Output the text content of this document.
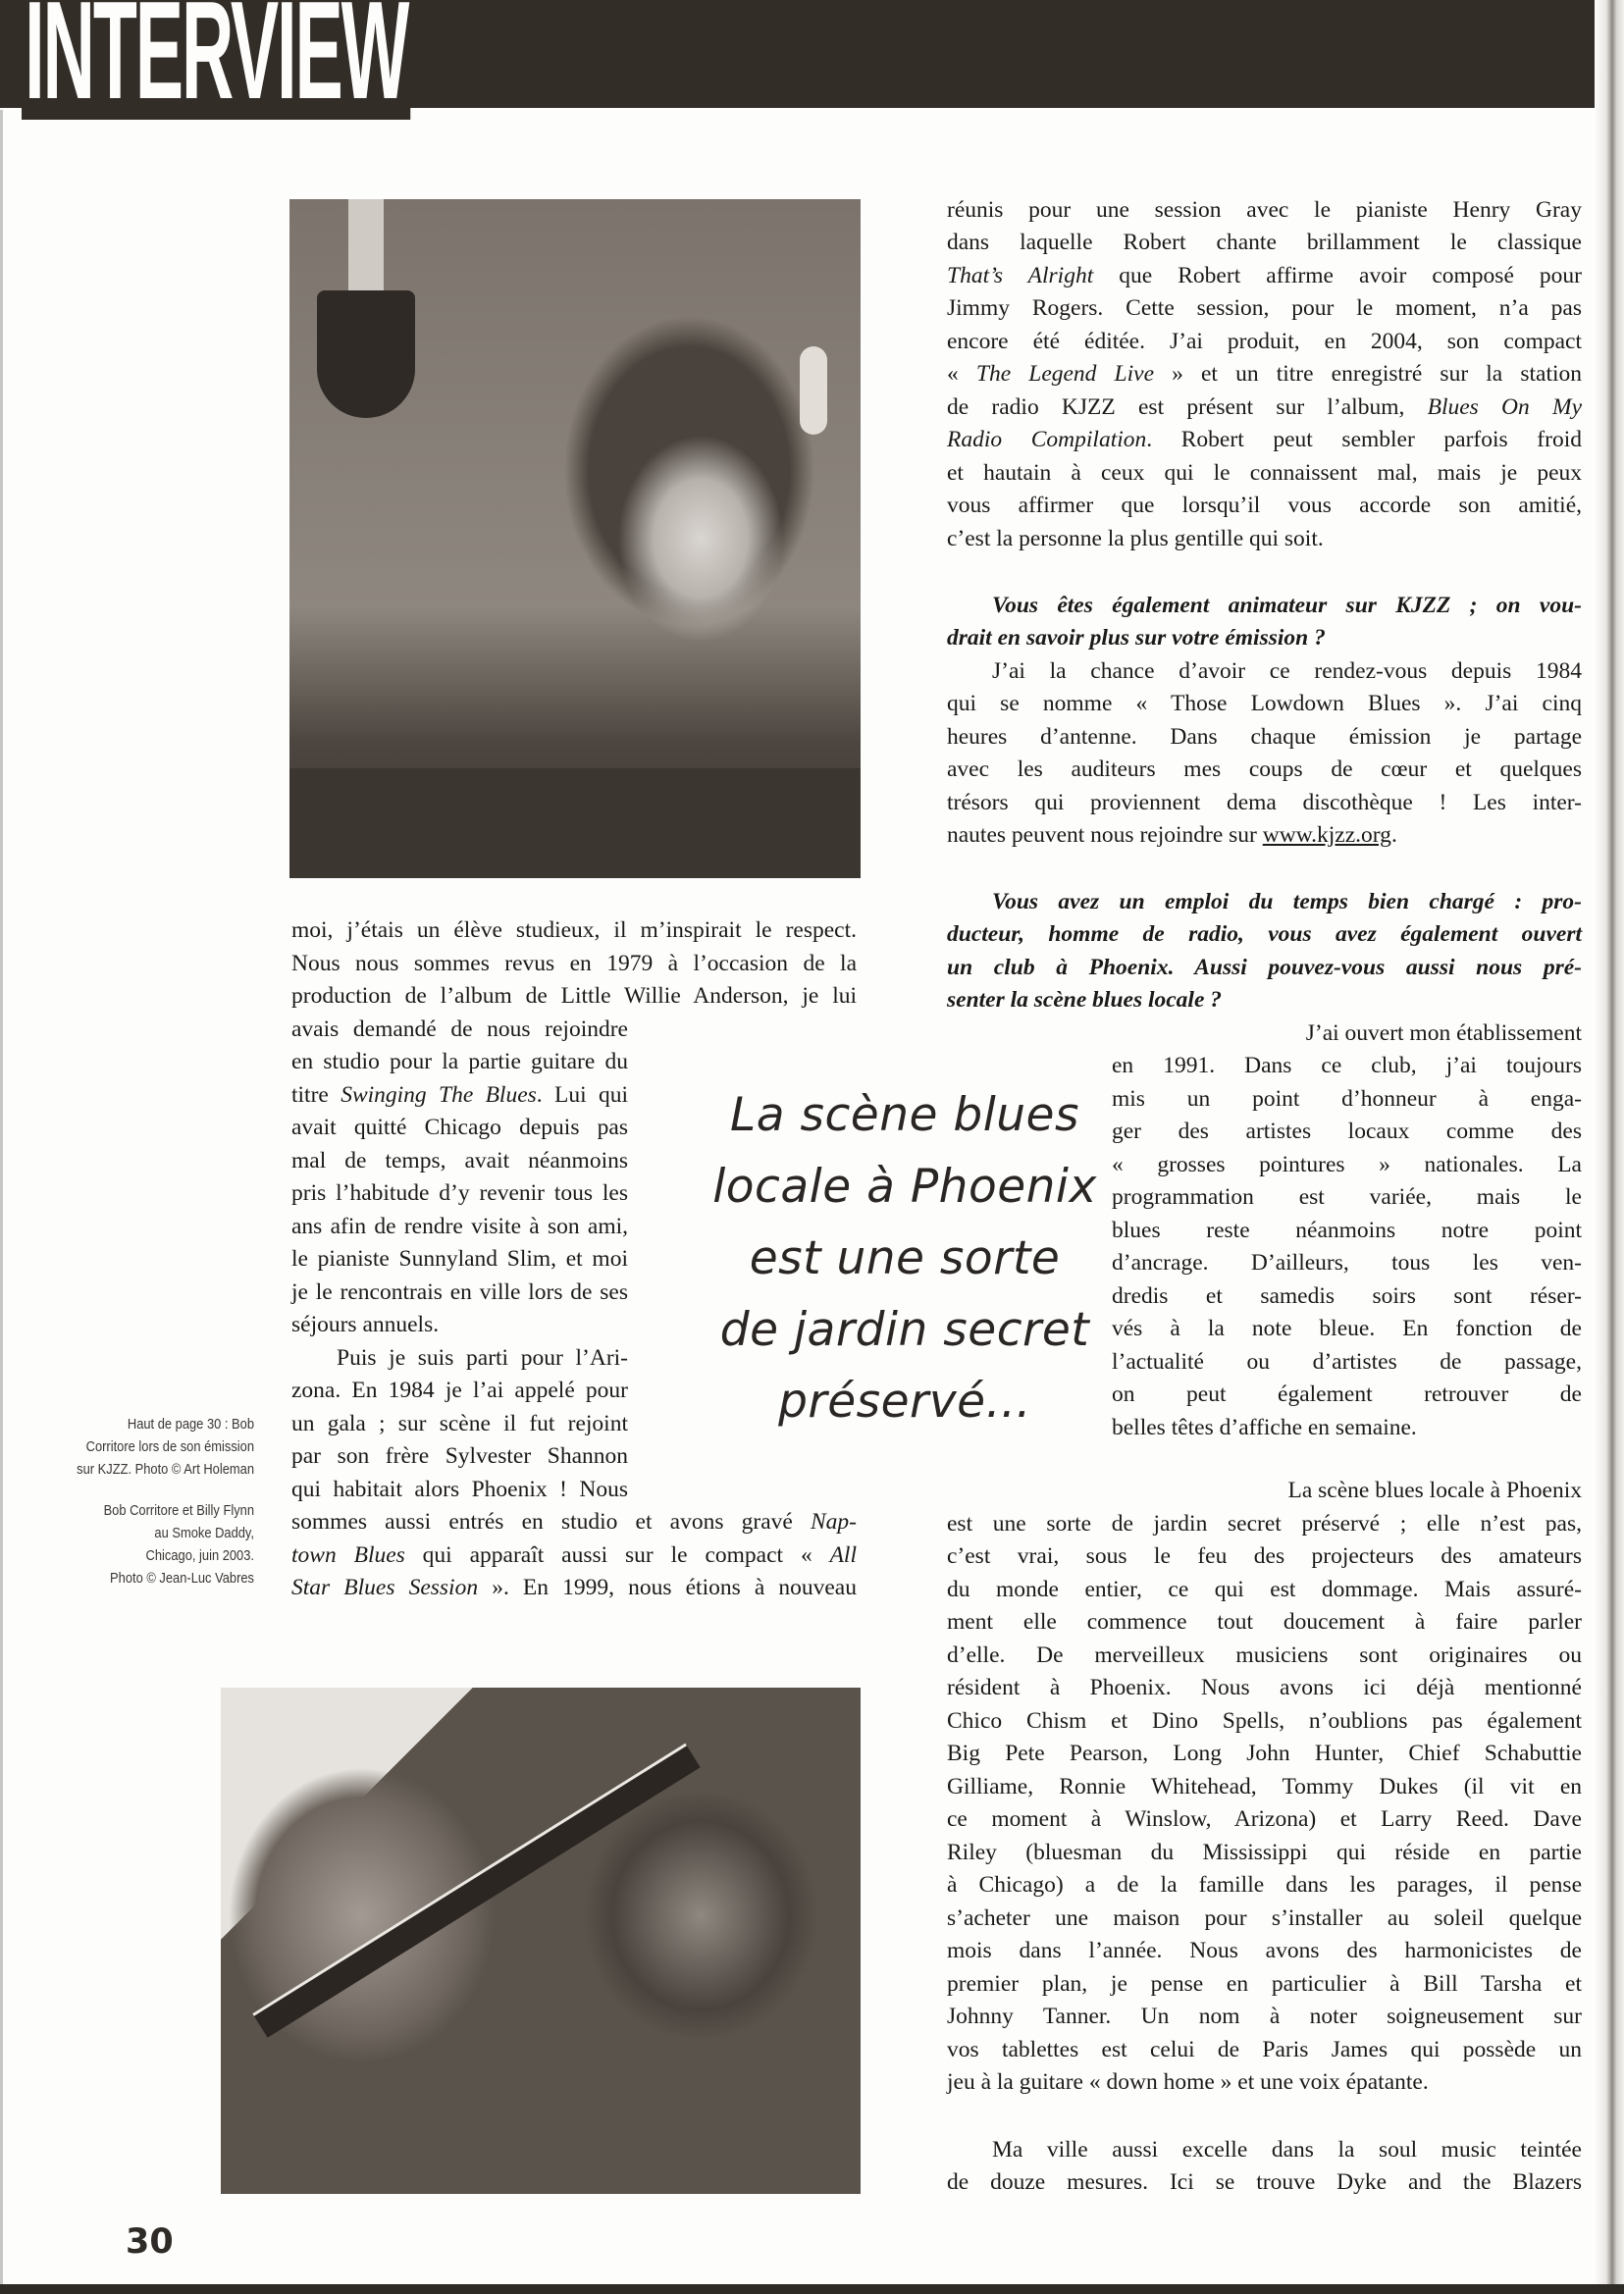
INTERVIEW
Haut de page 30 : Bob
Corritore lors de son émission
sur KJZZ. Photo © Art Holeman
Bob Corritore et Billy Flynn
au Smoke Daddy,
Chicago, juin 2003.
Photo © Jean-Luc Vabres
moi, j’étais un élève studieux, il m’inspirait le respect.
Nous nous sommes revus en 1979 à l’occasion de la
production de l’album de Little Willie Anderson, je lui
avais demandé de nous rejoindre
en studio pour la partie guitare du
titre Swinging The Blues. Lui qui
avait quitté Chicago depuis pas
mal de temps, avait néanmoins
pris l’habitude d’y revenir tous les
ans afin de rendre visite à son ami,
le pianiste Sunnyland Slim, et moi
je le rencontrais en ville lors de ses
séjours annuels.
Puis je suis parti pour l’Ari-
zona. En 1984 je l’ai appelé pour
un gala ; sur scène il fut rejoint
par son frère Sylvester Shannon
qui habitait alors Phoenix ! Nous
sommes aussi entrés en studio et avons gravé Nap-
town Blues qui apparaît aussi sur le compact « All
Star Blues Session ». En 1999, nous étions à nouveau
La scène blues
locale à Phoenix
est une sorte
de jardin secret
préservé...
réunis pour une session avec le pianiste Henry Gray
dans laquelle Robert chante brillamment le classique
That’s Alright que Robert affirme avoir composé pour
Jimmy Rogers. Cette session, pour le moment, n’a pas
encore été éditée. J’ai produit, en 2004, son compact
« The Legend Live » et un titre enregistré sur la station
de radio KJZZ est présent sur l’album, Blues On My
Radio Compilation. Robert peut sembler parfois froid
et hautain à ceux qui le connaissent mal, mais je peux
vous affirmer que lorsqu’il vous accorde son amitié,
c’est la personne la plus gentille qui soit.
Vous êtes également animateur sur KJZZ ; on vou-
drait en savoir plus sur votre émission ?
J’ai la chance d’avoir ce rendez-vous depuis 1984
qui se nomme « Those Lowdown Blues ». J’ai cinq
heures d’antenne. Dans chaque émission je partage
avec les auditeurs mes coups de cœur et quelques
trésors qui proviennent dema discothèque ! Les inter-
nautes peuvent nous rejoindre sur www.kjzz.org.
Vous avez un emploi du temps bien chargé : pro-
ducteur, homme de radio, vous avez également ouvert
un club à Phoenix. Aussi pouvez-vous aussi nous pré-
senter la scène blues locale ?
J’ai ouvert mon établissement
en 1991. Dans ce club, j’ai toujours
mis un point d’honneur à enga-
ger des artistes locaux comme des
« grosses pointures » nationales. La
programmation est variée, mais le
blues reste néanmoins notre point
d’ancrage. D’ailleurs, tous les ven-
dredis et samedis soirs sont réser-
vés à la note bleue. En fonction de
l’actualité ou d’artistes de passage,
on peut également retrouver de
belles têtes d’affiche en semaine.
La scène blues locale à Phoenix
est une sorte de jardin secret préservé ; elle n’est pas,
c’est vrai, sous le feu des projecteurs des amateurs
du monde entier, ce qui est dommage. Mais assuré-
ment elle commence tout doucement à faire parler
d’elle. De merveilleux musiciens sont originaires ou
résident à Phoenix. Nous avons ici déjà mentionné
Chico Chism et Dino Spells, n’oublions pas également
Big Pete Pearson, Long John Hunter, Chief Schabuttie
Gilliame, Ronnie Whitehead, Tommy Dukes (il vit en
ce moment à Winslow, Arizona) et Larry Reed. Dave
Riley (bluesman du Mississippi qui réside en partie
à Chicago) a de la famille dans les parages, il pense
s’acheter une maison pour s’installer au soleil quelque
mois dans l’année. Nous avons des harmonicistes de
premier plan, je pense en particulier à Bill Tarsha et
Johnny Tanner. Un nom à noter soigneusement sur
vos tablettes est celui de Paris James qui possède un
jeu à la guitare « down home » et une voix épatante.
Ma ville aussi excelle dans la soul music teintée
de douze mesures. Ici se trouve Dyke and the Blazers
30
